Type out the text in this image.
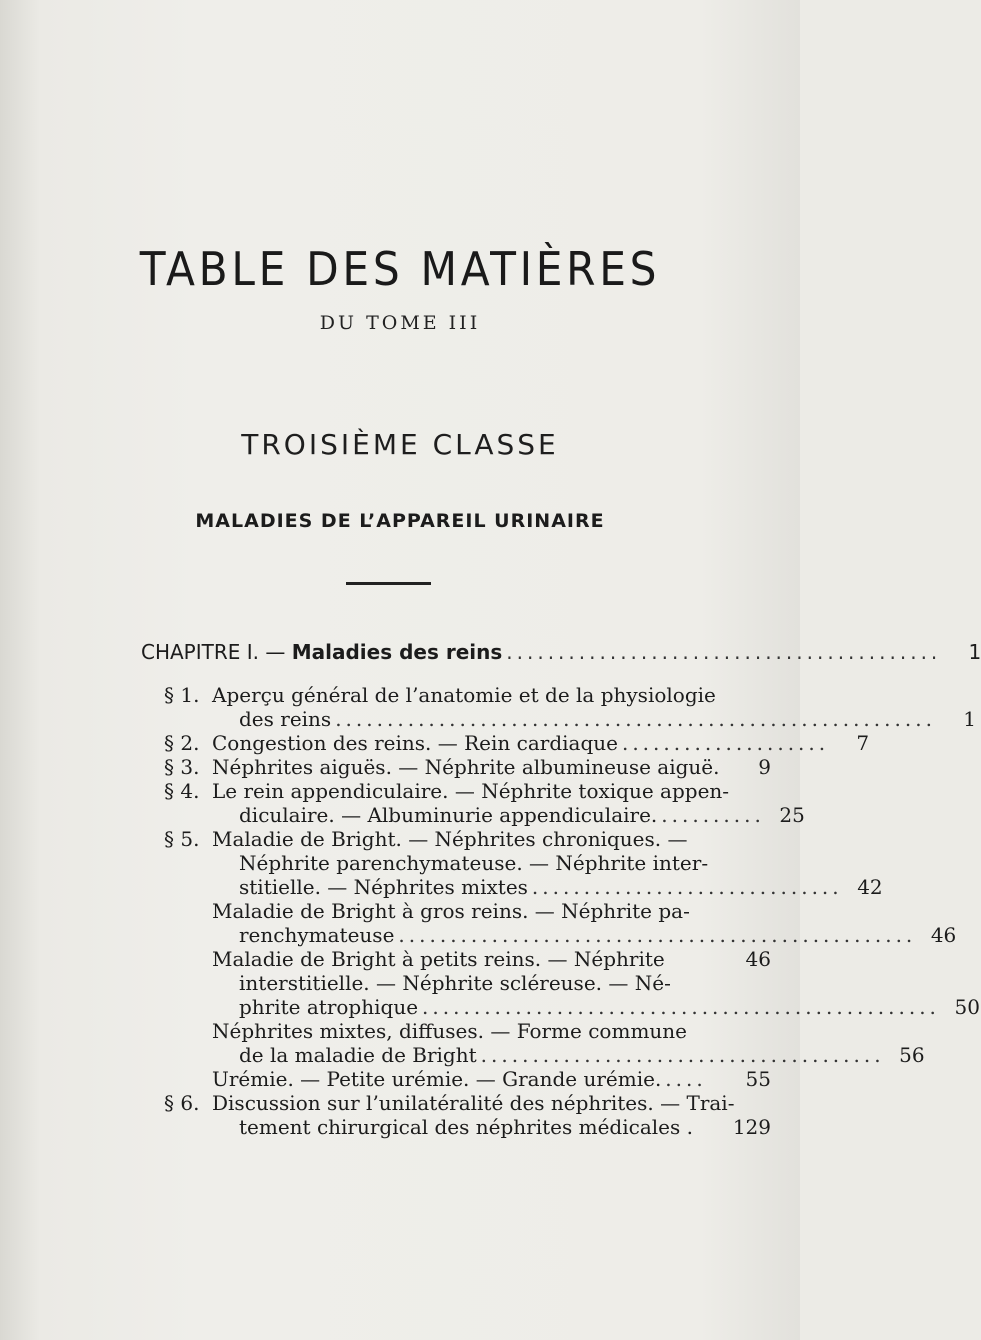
TABLE DES MATIÈRES
DU TOME III
TROISIÈME CLASSE
MALADIES DE L’APPAREIL URINAIRE
CHAPITRE I. — Maladies des reins ..........................................	1
§ 1. Aperçu général de l’anatomie et de la physiologie
des reins ..........................................................	1
§ 2. Congestion des reins. — Rein cardiaque ....................	7
§ 3. Néphrites aiguës. — Néphrite albumineuse aiguë.	9
§ 4. Le rein appendiculaire. — Néphrite toxique appen-
diculaire. — Albuminurie appendiculaire. .......... 25
§ 5. Maladie de Bright. — Néphrites chroniques. —
Néphrite parenchymateuse. — Néphrite inter-
stitielle. — Néphrites mixtes .............................. 42
Maladie de Bright à gros reins. — Néphrite pa-
renchymateuse .................................................. 46
Maladie de Bright à petits reins. — Néphrite	46
interstitielle. — Néphrite scléreuse. — Né-
phrite atrophique .................................................. 50
Néphrites mixtes, diffuses. — Forme commune
de la maladie de Bright ....................................... 56
Urémie. — Petite urémie. — Grande urémie. ....	55
§ 6. Discussion sur l’unilatéralité des néphrites. — Trai-
tement chirurgical des néphrites médicales . 129
